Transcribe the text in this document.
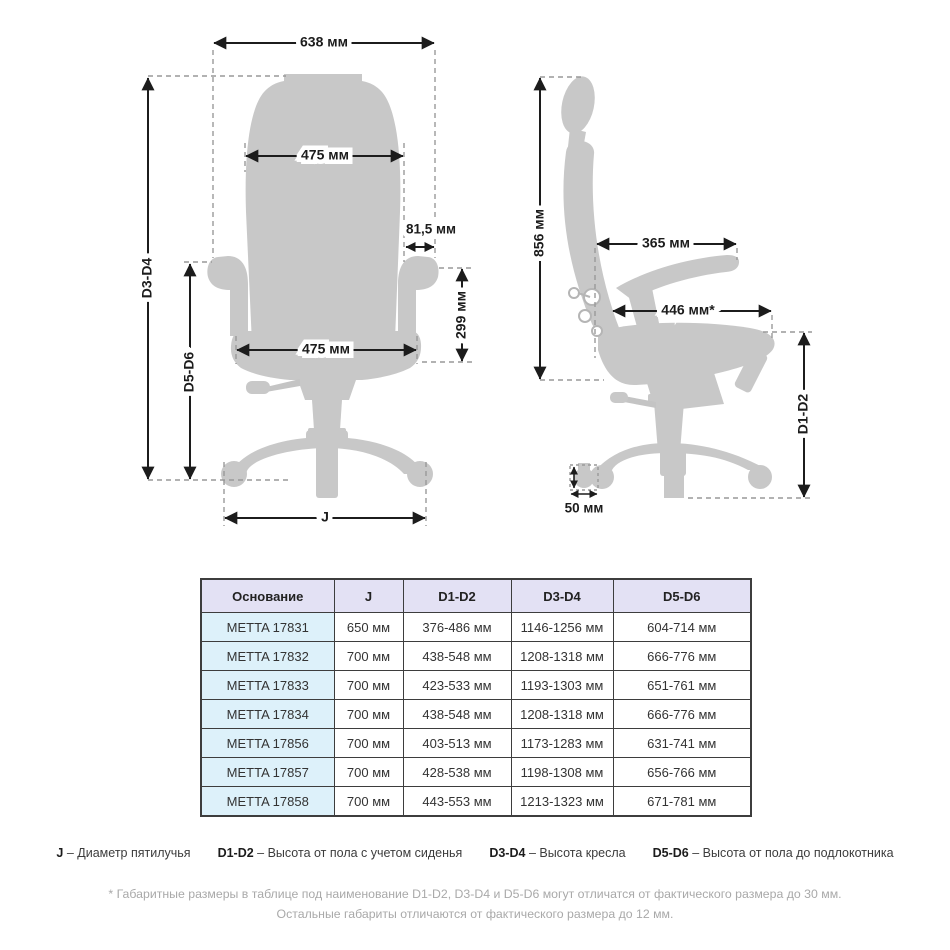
638 мм
475 мм
81,5 мм
299 мм
475 мм
D3-D4
D5-D6
J
856 мм	365 мм
446 мм*
D1-D2
50 мм
Основание	J	D1-D2	D3-D4	D5-D6
METTA 17831	650 мм	376-486 мм	1146-1256 мм	604-714 мм
METTA 17832	700 мм	438-548 мм	1208-1318 мм	666-776 мм
METTA 17833	700 мм	423-533 мм	1193-1303 мм	651-761 мм
METTA 17834	700 мм	438-548 мм	1208-1318 мм	666-776 мм
METTA 17856	700 мм	403-513 мм	1173-1283 мм	631-741 мм
METTA 17857	700 мм	428-538 мм	1198-1308 мм	656-766 мм
METTA 17858	700 мм	443-553 мм	1213-1323 мм	671-781 мм
J – Диаметр пятилучья D1-D2 – Высота от пола с учетом сиденья D3-D4 – Высота кресла D5-D6 – Высота от пола до подлокотника
* Габаритные размеры в таблице под наименование D1-D2, D3-D4 и D5-D6 могут отличатся от фактического размера до 30 мм.
Остальные габариты отличаются от фактического размера до 12 мм.
